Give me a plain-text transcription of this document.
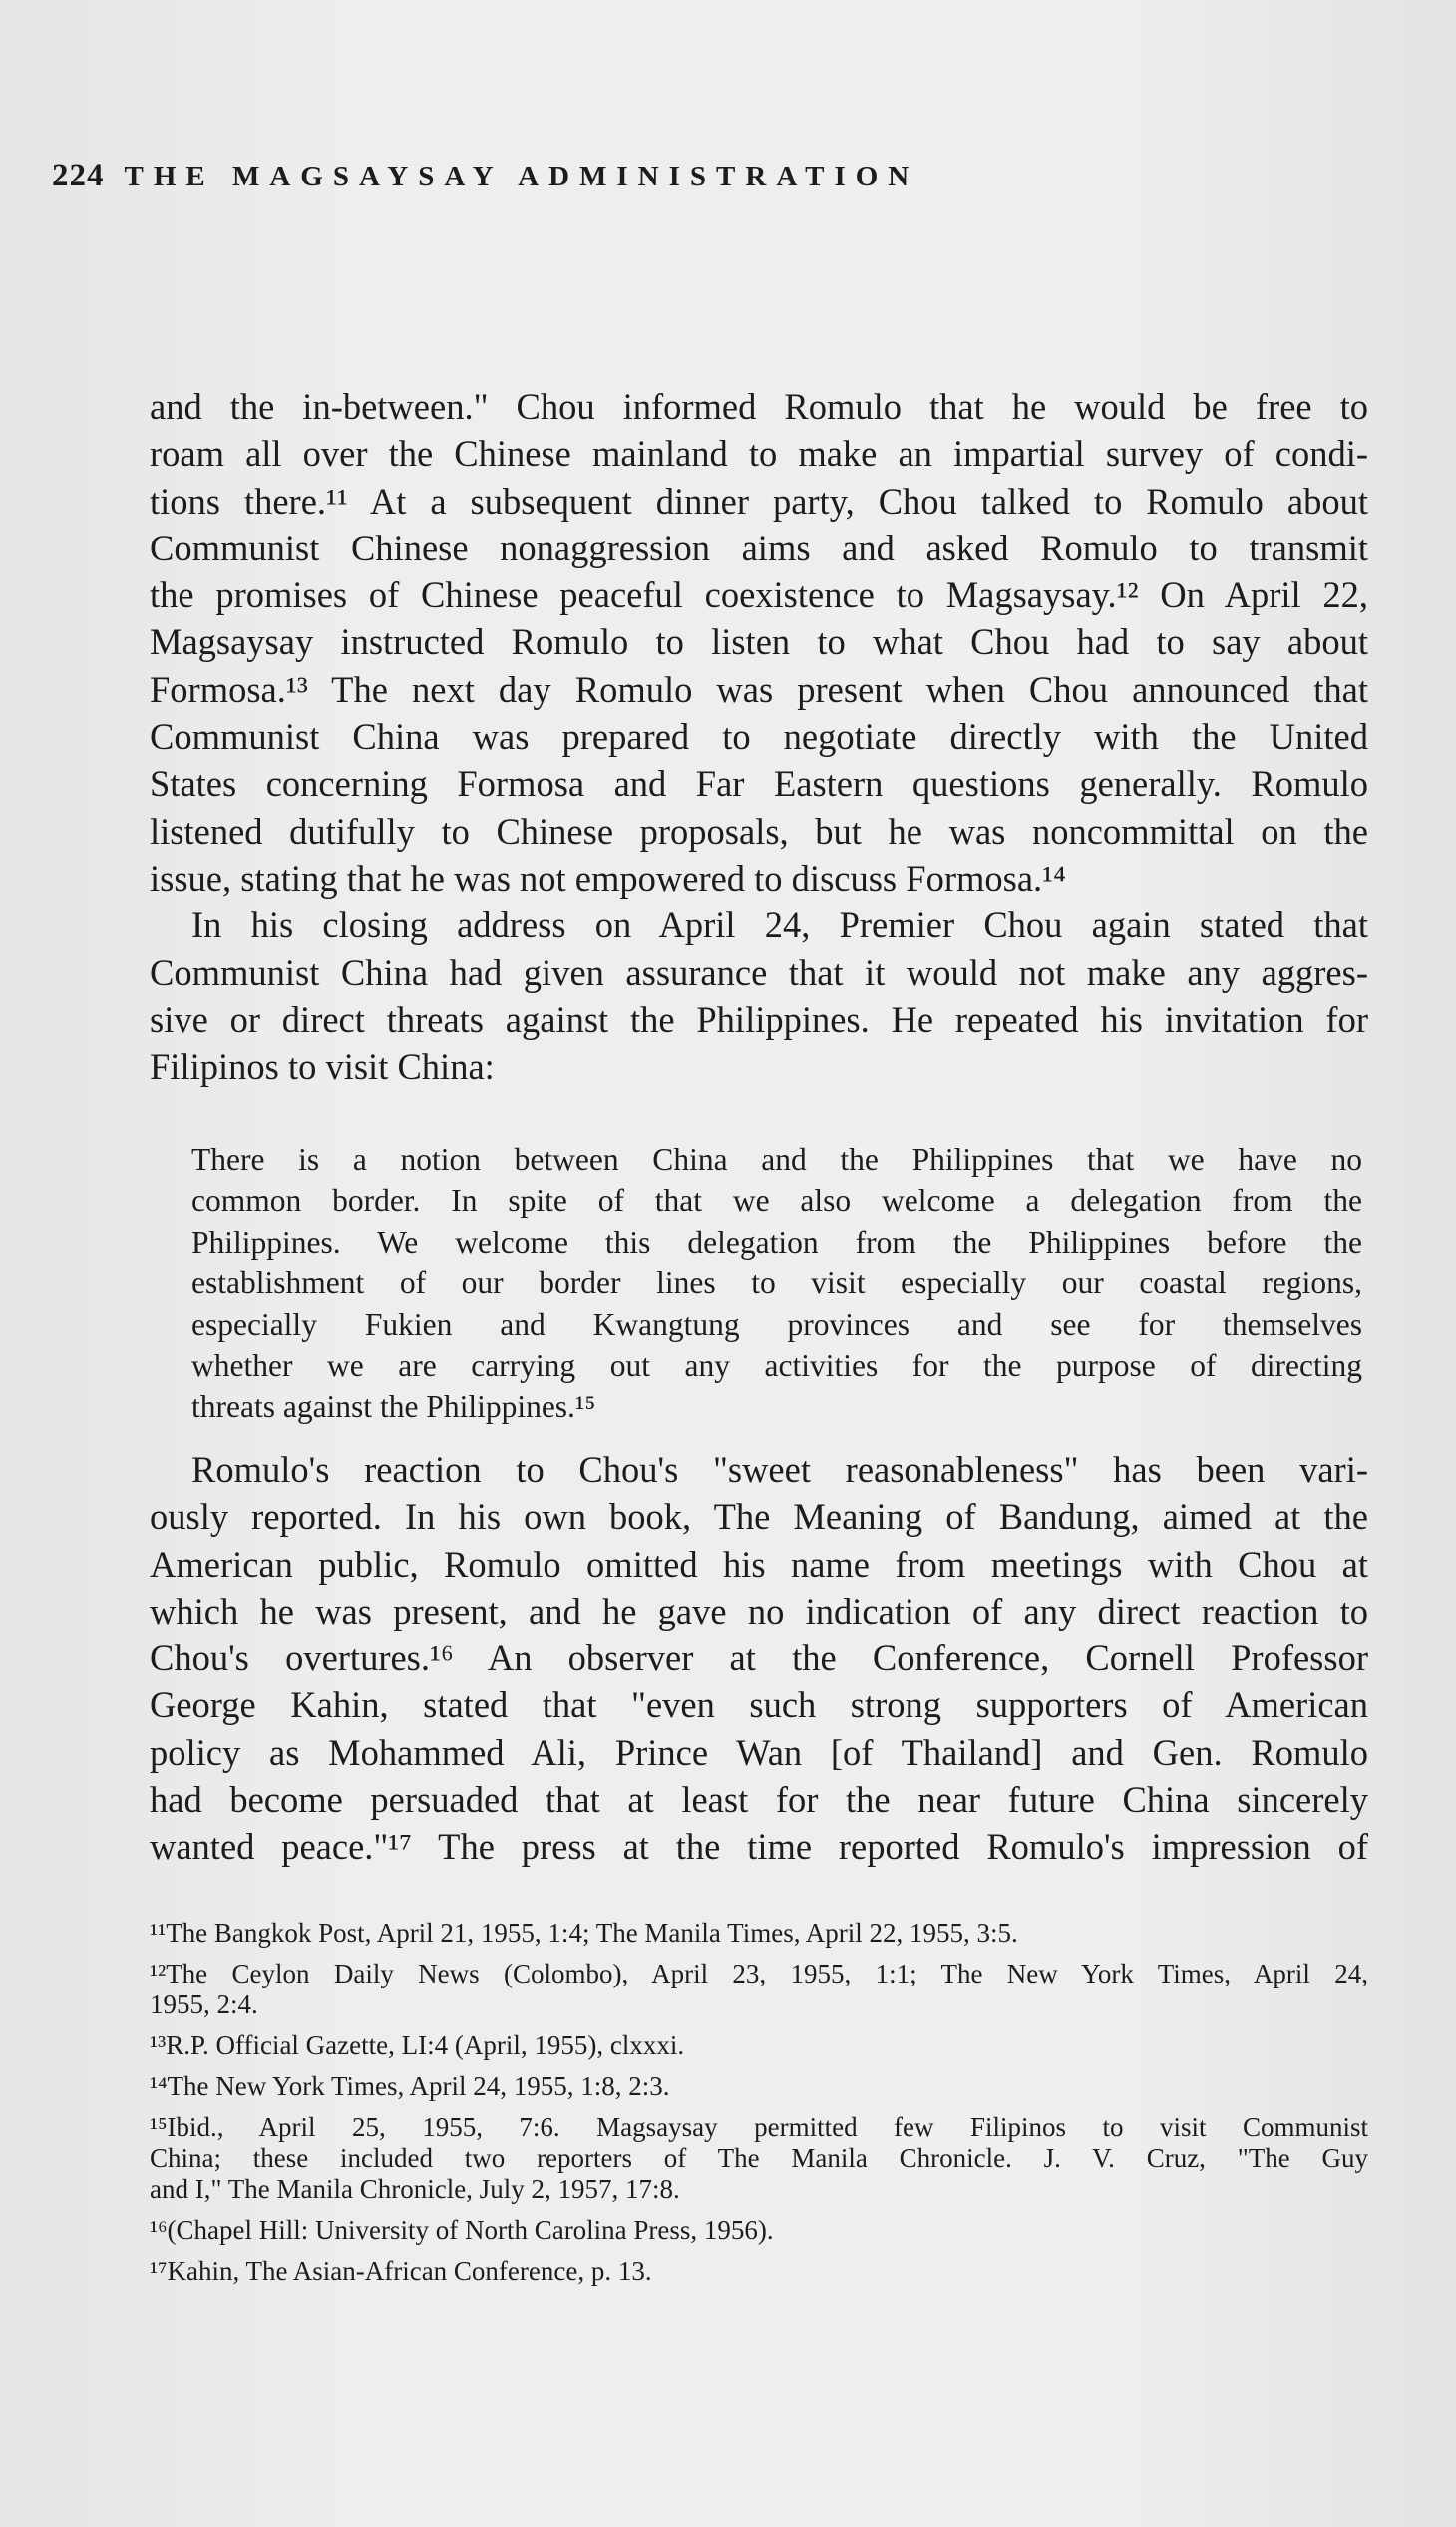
224 THE MAGSAYSAY ADMINISTRATION
and the in-between." Chou informed Romulo that he would be free to
roam all over the Chinese mainland to make an impartial survey of condi-
tions there.¹¹ At a subsequent dinner party, Chou talked to Romulo about
Communist Chinese nonaggression aims and asked Romulo to transmit
the promises of Chinese peaceful coexistence to Magsaysay.¹² On April 22,
Magsaysay instructed Romulo to listen to what Chou had to say about
Formosa.¹³ The next day Romulo was present when Chou announced that
Communist China was prepared to negotiate directly with the United
States concerning Formosa and Far Eastern questions generally. Romulo
listened dutifully to Chinese proposals, but he was noncommittal on the
issue, stating that he was not empowered to discuss Formosa.¹⁴
In his closing address on April 24, Premier Chou again stated that
Communist China had given assurance that it would not make any aggres-
sive or direct threats against the Philippines. He repeated his invitation for
Filipinos to visit China:
There is a notion between China and the Philippines that we have no
common border. In spite of that we also welcome a delegation from the
Philippines. We welcome this delegation from the Philippines before the
establishment of our border lines to visit especially our coastal regions,
especially Fukien and Kwangtung provinces and see for themselves
whether we are carrying out any activities for the purpose of directing
threats against the Philippines.¹⁵
Romulo's reaction to Chou's "sweet reasonableness" has been vari-
ously reported. In his own book, The Meaning of Bandung, aimed at the
American public, Romulo omitted his name from meetings with Chou at
which he was present, and he gave no indication of any direct reaction to
Chou's overtures.¹⁶ An observer at the Conference, Cornell Professor
George Kahin, stated that "even such strong supporters of American
policy as Mohammed Ali, Prince Wan [of Thailand] and Gen. Romulo
had become persuaded that at least for the near future China sincerely
wanted peace."¹⁷ The press at the time reported Romulo's impression of
¹¹The Bangkok Post, April 21, 1955, 1:4; The Manila Times, April 22, 1955, 3:5.
¹²The Ceylon Daily News (Colombo), April 23, 1955, 1:1; The New York Times, April 24,
1955, 2:4.
¹³R.P. Official Gazette, LI:4 (April, 1955), clxxxi.
¹⁴The New York Times, April 24, 1955, 1:8, 2:3.
¹⁵Ibid., April 25, 1955, 7:6. Magsaysay permitted few Filipinos to visit Communist
China; these included two reporters of The Manila Chronicle. J. V. Cruz, "The Guy
and I," The Manila Chronicle, July 2, 1957, 17:8.
¹⁶(Chapel Hill: University of North Carolina Press, 1956).
¹⁷Kahin, The Asian-African Conference, p. 13.
